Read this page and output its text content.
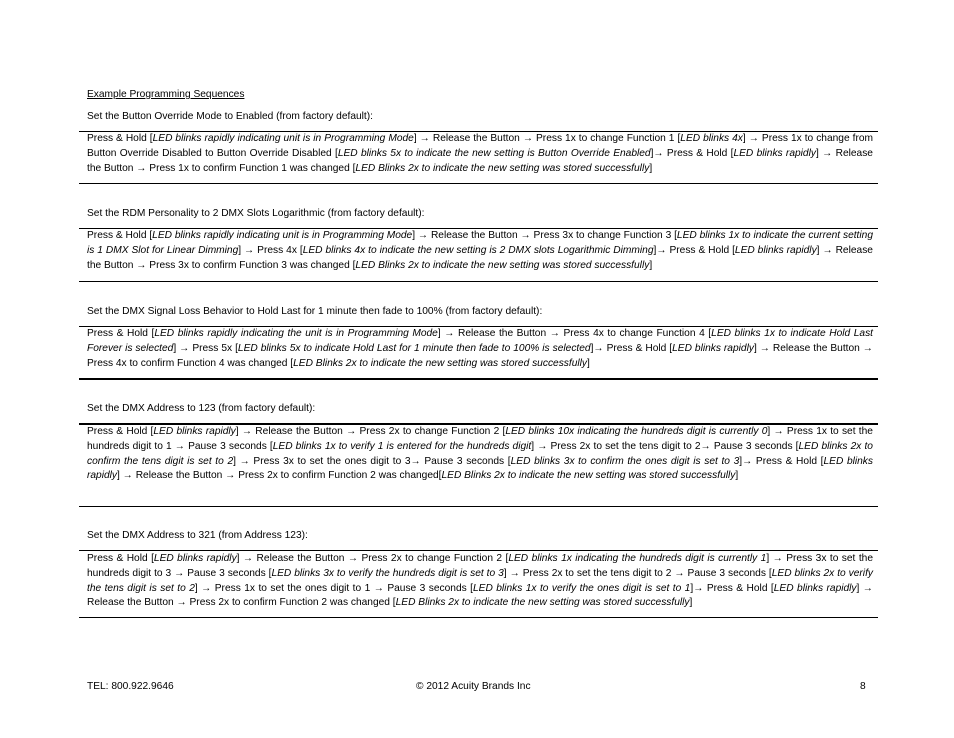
Example Programming Sequences
Set the Button Override Mode to Enabled (from factory default):
Press & Hold [LED blinks rapidly indicating unit is in Programming Mode] → Release the Button → Press 1x to change Function 1 [LED blinks 4x] → Press 1x to change from Button Override Disabled to Button Override Disabled [LED blinks 5x to indicate the new setting is Button Override Enabled]→ Press & Hold [LED blinks rapidly] → Release the Button → Press 1x to confirm Function 1 was changed [LED Blinks 2x to indicate the new setting was stored successfully]
Set the RDM Personality to 2 DMX Slots Logarithmic (from factory default):
Press & Hold [LED blinks rapidly indicating unit is in Programming Mode] → Release the Button → Press 3x to change Function 3 [LED blinks 1x to indicate the current setting is 1 DMX Slot for Linear Dimming] → Press 4x [LED blinks 4x to indicate the new setting is 2 DMX slots Logarithmic Dimming]→ Press & Hold [LED blinks rapidly] → Release the Button → Press 3x to confirm Function 3 was changed [LED Blinks 2x to indicate the new setting was stored successfully]
Set the DMX Signal Loss Behavior to Hold Last for 1 minute then fade to 100% (from factory default):
Press & Hold [LED blinks rapidly indicating the unit is in Programming Mode] → Release the Button → Press 4x to change Function 4 [LED blinks 1x to indicate Hold Last Forever is selected] → Press 5x [LED blinks 5x to indicate Hold Last for 1 minute then fade to 100% is selected]→ Press & Hold [LED blinks rapidly] → Release the Button → Press 4x to confirm Function 4 was changed [LED Blinks 2x to indicate the new setting was stored successfully]
Set the DMX Address to 123 (from factory default):
Press & Hold [LED blinks rapidly] → Release the Button → Press 2x to change Function 2 [LED blinks 10x indicating the hundreds digit is currently 0] → Press 1x to set the hundreds digit to 1 → Pause 3 seconds [LED blinks 1x to verify 1 is entered for the hundreds digit] → Press 2x to set the tens digit to 2→ Pause 3 seconds [LED blinks 2x to confirm the tens digit is set to 2] → Press 3x to set the ones digit to 3→ Pause 3 seconds [LED blinks 3x to confirm the ones digit is set to 3]→ Press & Hold [LED blinks rapidly] → Release the Button → Press 2x to confirm Function 2 was changed[LED Blinks 2x to indicate the new setting was stored successfully]
Set the DMX Address to 321 (from Address 123):
Press & Hold [LED blinks rapidly] → Release the Button → Press 2x to change Function 2 [LED blinks 1x indicating the hundreds digit is currently 1] → Press 3x to set the hundreds digit to 3 → Pause 3 seconds [LED blinks 3x to verify the hundreds digit is set to 3] → Press 2x to set the tens digit to 2 → Pause 3 seconds [LED blinks 2x to verify the tens digit is set to 2] → Press 1x to set the ones digit to 1 → Pause 3 seconds [LED blinks 1x to verify the ones digit is set to 1]→ Press & Hold [LED blinks rapidly] → Release the Button → Press 2x to confirm Function 2 was changed [LED Blinks 2x to indicate the new setting was stored successfully]
TEL: 800.922.9646	© 2012 Acuity Brands Inc	8
